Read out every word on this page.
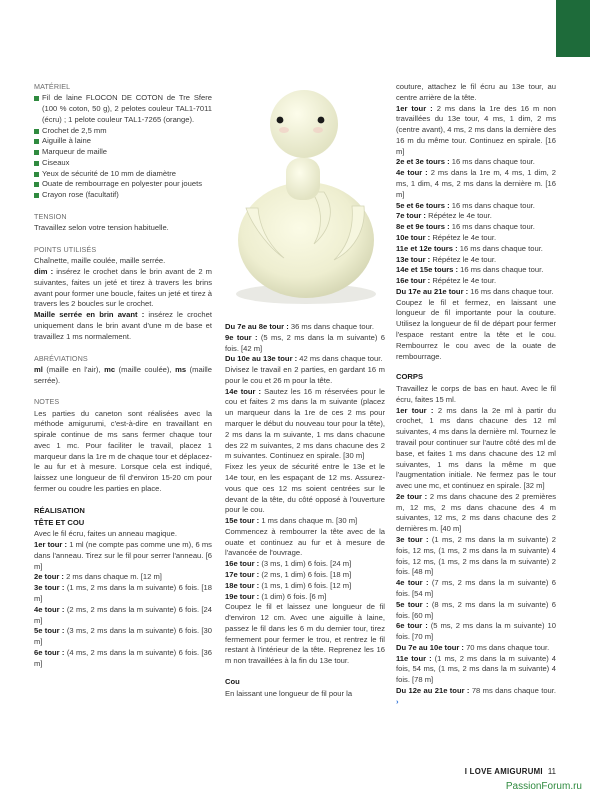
MATÉRIEL
Fil de laine FLOCON DE COTON de Tre Sfere (100 % coton, 50 g), 2 pelotes couleur TAL1-7011 (écru) ; 1 pelote couleur TAL1-7265 (orange).
Crochet de 2,5 mm
Aiguille à laine
Marqueur de maille
Ciseaux
Yeux de sécurité de 10 mm de diamètre
Ouate de rembourrage en polyester pour jouets
Crayon rose (facultatif)
TENSION

Travaillez selon votre tension habituelle.

POINTS UTILISÉS

Chaînette, maille coulée, maille serrée.

dim : insérez le crochet dans le brin avant de 2 m suivantes, faites un jeté et tirez à travers les brins avant pour former une boucle, faites un jeté et tirez à travers les 2 boucles sur le crochet.

Maille serrée en brin avant : insérez le crochet uniquement dans le brin avant d'une m de base et travaillez 1 ms normalement.

ABRÉVIATIONS

ml (maille en l'air), mc (maille coulée), ms (maille serrée).

NOTES

Les parties du caneton sont réalisées avec la méthode amigurumi, c'est-à-dire en travaillant en spirale continue de ms sans fermer chaque tour avec 1 mc. Pour faciliter le travail, placez 1 marqueur dans la 1re m de chaque tour et déplacez-le au fur et à mesure. Lorsque cela est indiqué, laissez une longueur de fil d'environ 15-20 cm pour fermer ou coudre les parties en place.

RÉALISATION
TÊTE ET COU

Avec le fil écru, faites un anneau magique.

1er tour : 1 ml (ne compte pas comme une m), 6 ms dans l'anneau. Tirez sur le fil pour serrer l'anneau. [6 m]

2e tour : 2 ms dans chaque m. [12 m]

3e tour : (1 ms, 2 ms dans la m suivante) 6 fois. [18 m]

4e tour : (2 ms, 2 ms dans la m suivante) 6 fois. [24 m]

5e tour : (3 ms, 2 ms dans la m suivante) 6 fois. [30 m]

6e tour : (4 ms, 2 ms dans la m suivante) 6 fois. [36 m]

Du 7e au 8e tour : 36 ms dans chaque tour.

9e tour : (5 ms, 2 ms dans la m suivante) 6 fois. [42 m]

Du 10e au 13e tour : 42 ms dans chaque tour.

Divisez le travail en 2 parties, en gardant 16 m pour le cou et 26 m pour la tête.

14e tour : Sautez les 16 m réservées pour le cou et faites 2 ms dans la m suivante (placez un marqueur dans la 1re de ces 2 ms pour marquer le début du nouveau tour pour la tête), 2 ms dans la m suivante, 1 ms dans chacune des 22 m suivantes, 2 ms dans chacune des 2 m suivantes. Continuez en spirale. [30 m]

Fixez les yeux de sécurité entre le 13e et le 14e tour, en les espaçant de 12 ms. Assurez-vous que ces 12 ms soient centrées sur le devant de la tête, du côté opposé à l'ouverture pour le cou.

15e tour : 1 ms dans chaque m. [30 m]

Commencez à rembourrer la tête avec de la ouate et continuez au fur et à mesure de l'avancée de l'ouvrage.

16e tour : (3 ms, 1 dim) 6 fois. [24 m]

17e tour : (2 ms, 1 dim) 6 fois. [18 m]

18e tour : (1 ms, 1 dim) 6 fois. [12 m]

19e tour : (1 dim) 6 fois. [6 m]

Coupez le fil et laissez une longueur de fil d'environ 12 cm. Avec une aiguille à laine, passez le fil dans les 6 m du dernier tour, tirez fermement pour fermer le trou, et rentrez le fil restant à l'intérieur de la tête. Reprenez les 16 m non travaillées à la fin du 13e tour.

Cou

En laissant une longueur de fil pour la

couture, attachez le fil écru au 13e tour, au centre arrière de la tête.

1er tour : 2 ms dans la 1re des 16 m non travaillées du 13e tour, 4 ms, 1 dim, 2 ms (centre avant), 4 ms, 2 ms dans la dernière des 16 m du même tour. Continuez en spirale. [16 m]

2e et 3e tours : 16 ms dans chaque tour.

4e tour : 2 ms dans la 1re m, 4 ms, 1 dim, 2 ms, 1 dim, 4 ms, 2 ms dans la dernière m. [16 m]

5e et 6e tours : 16 ms dans chaque tour.

7e tour : Répétez le 4e tour.

8e et 9e tours : 16 ms dans chaque tour.

10e tour : Répétez le 4e tour.

11e et 12e tours : 16 ms dans chaque tour.

13e tour : Répétez le 4e tour.

14e et 15e tours : 16 ms dans chaque tour.

16e tour : Répétez le 4e tour.

Du 17e au 21e tour : 16 ms dans chaque tour.

Coupez le fil et fermez, en laissant une longueur de fil importante pour la couture. Utilisez la longueur de fil de départ pour fermer l'espace restant entre la tête et le cou. Rembourrez le cou avec de la ouate de rembourrage.

CORPS

Travaillez le corps de bas en haut. Avec le fil écru, faites 15 ml.

1er tour : 2 ms dans la 2e ml à partir du crochet, 1 ms dans chacune des 12 ml suivantes, 4 ms dans la dernière ml. Tournez le travail pour continuer sur l'autre côté des ml de base, et faites 1 ms dans chacune des 12 ml suivantes, 1 ms dans la même m que l'augmentation initiale. Ne fermez pas le tour avec une mc, et continuez en spirale. [32 m]

2e tour : 2 ms dans chacune des 2 premières m, 12 ms, 2 ms dans chacune des 4 m suivantes, 12 ms, 2 ms dans chacune des 2 dernières m. [40 m]

3e tour : (1 ms, 2 ms dans la m suivante) 2 fois, 12 ms, (1 ms, 2 ms dans la m suivante) 4 fois, 12 ms, (1 ms, 2 ms dans la m suivante) 2 fois. [48 m]

4e tour : (7 ms, 2 ms dans la m suivante) 6 fois. [54 m]

5e tour : (8 ms, 2 ms dans la m suivante) 6 fois. [60 m]

6e tour : (5 ms, 2 ms dans la m suivante) 10 fois. [70 m]

Du 7e au 10e tour : 70 ms dans chaque tour.

11e tour : (1 ms, 2 ms dans la m suivante) 4 fois, 54 ms, (1 ms, 2 ms dans la m suivante) 4 fois. [78 m]

Du 12e au 21e tour : 78 ms dans chaque tour. ›

I LOVE AMIGURUMI 11
PassionForum.ru
